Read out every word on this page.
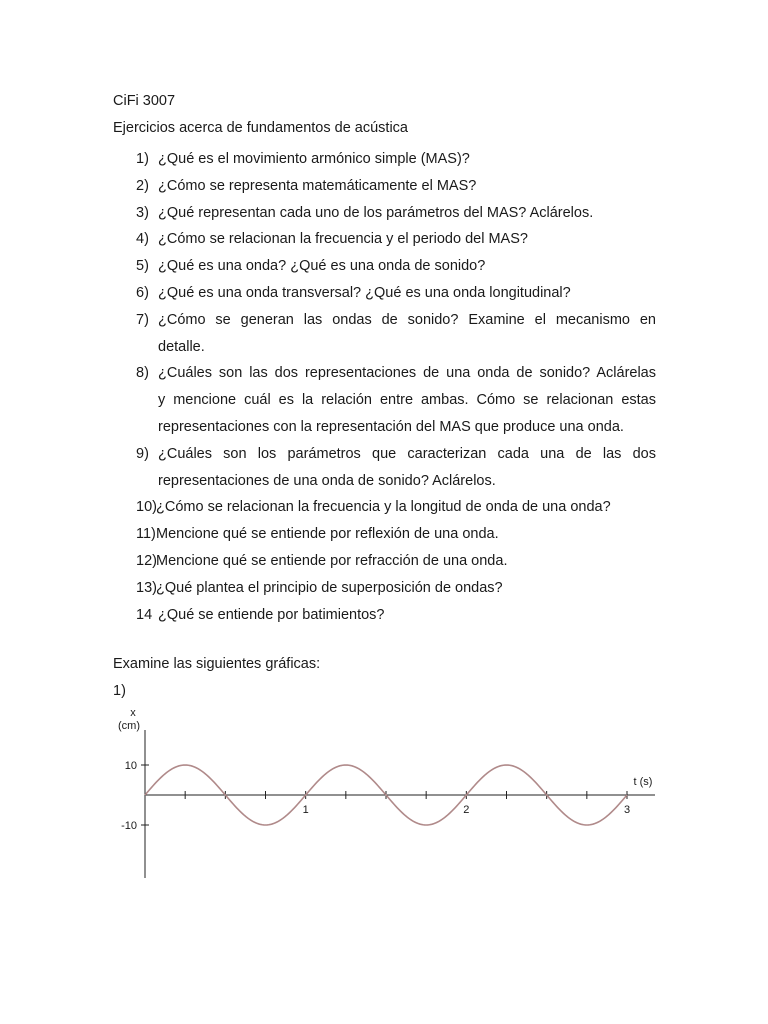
CiFi 3007
Ejercicios acerca de fundamentos de acústica
1) ¿Qué es el movimiento armónico simple (MAS)?
2) ¿Cómo se representa matemáticamente el MAS?
3) ¿Qué representan cada uno de los parámetros del MAS? Aclárelos.
4) ¿Cómo se relacionan la frecuencia y el periodo del MAS?
5) ¿Qué es una onda? ¿Qué es una onda de sonido?
6) ¿Qué es una onda transversal? ¿Qué es una onda longitudinal?
7) ¿Cómo se generan las ondas de sonido? Examine el mecanismo en
detalle.
8) ¿Cuáles son las dos representaciones de una onda de sonido? Aclárelas
y mencione cuál es la relación entre ambas. Cómo se relacionan estas
representaciones con la representación del MAS que produce una onda.
9) ¿Cuáles son los parámetros que caracterizan cada una de las dos
representaciones de una onda de sonido? Aclárelos.
10) ¿Cómo se relacionan la frecuencia y la longitud de onda de una onda?
11) Mencione qué se entiende por reflexión de una onda.
12) Mencione qué se entiende por refracción de una onda.
13) ¿Qué plantea el principio de superposición de ondas?
14 ¿Qué se entiende por batimientos?
Examine las siguientes gráficas:
1)
10
-10
1	2	3
x
(cm)
t (s)
